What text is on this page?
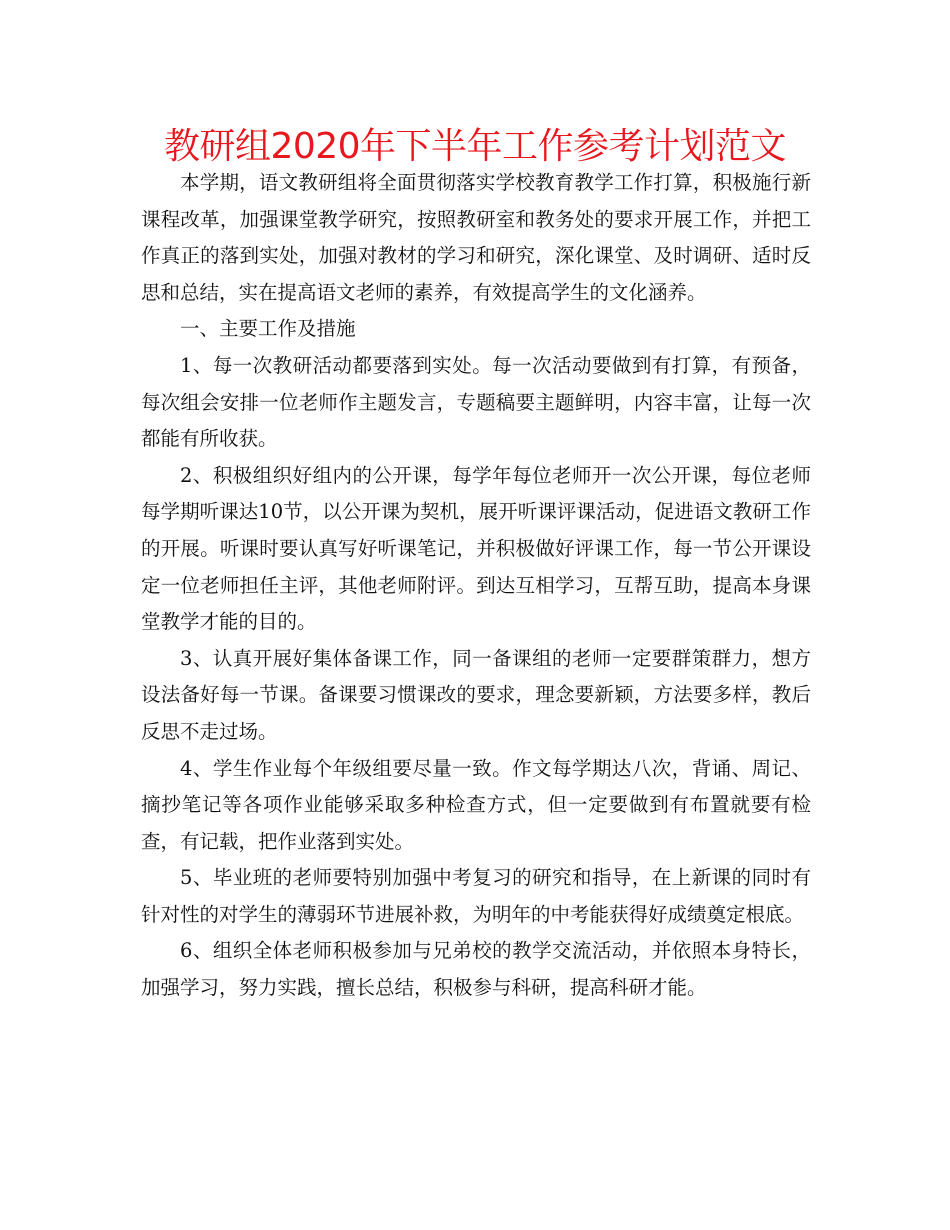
教研组2020年下半年工作参考计划范文

本学期，语文教研组将全面贯彻落实学校教育教学工作打算，积极施行新课程改革，加强课堂教学研究，按照教研室和教务处的要求开展工作，并把工作真正的落到实处，加强对教材的学习和研究，深化课堂、及时调研、适时反思和总结，实在提高语文老师的素养，有效提高学生的文化涵养。

一、主要工作及措施

1、每一次教研活动都要落到实处。每一次活动要做到有打算，有预备，每次组会安排一位老师作主题发言，专题稿要主题鲜明，内容丰富，让每一次都能有所收获。

2、积极组织好组内的公开课，每学年每位老师开一次公开课，每位老师每学期听课达10节，以公开课为契机，展开听课评课活动，促进语文教研工作的开展。听课时要认真写好听课笔记，并积极做好评课工作，每一节公开课设定一位老师担任主评，其他老师附评。到达互相学习，互帮互助，提高本身课堂教学才能的目的。

3、认真开展好集体备课工作，同一备课组的老师一定要群策群力，想方设法备好每一节课。备课要习惯课改的要求，理念要新颖，方法要多样，教后反思不走过场。

4、学生作业每个年级组要尽量一致。作文每学期达八次，背诵、周记、摘抄笔记等各项作业能够采取多种检查方式，但一定要做到有布置就要有检查，有记载，把作业落到实处。

5、毕业班的老师要特别加强中考复习的研究和指导，在上新课的同时有针对性的对学生的薄弱环节进展补救，为明年的中考能获得好成绩奠定根底。

6、组织全体老师积极参加与兄弟校的教学交流活动，并依照本身特长，加强学习，努力实践，擅长总结，积极参与科研，提高科研才能。
